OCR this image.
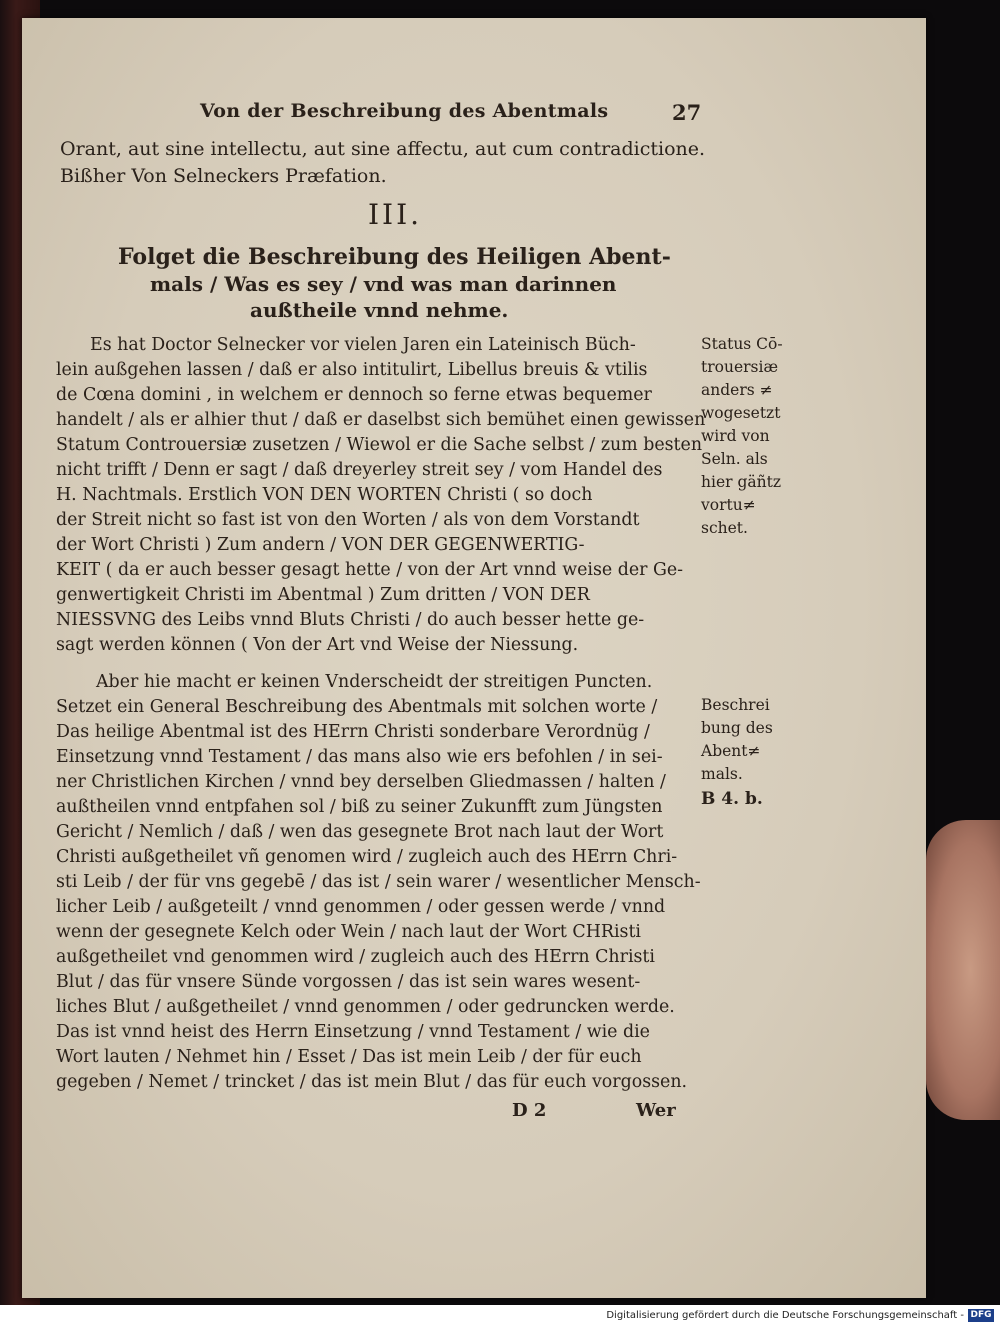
Von der Beschreibung des Abentmals	27
Orant, aut sine intellectu, aut sine affectu, aut cum contradictione.
Bißher Von Selneckers Præfation.
III.
Folget die Beschreibung des Heiligen Abent-
mals / Was es sey / vnd was man darinnen
außtheile vnnd nehme.
Es hat Doctor Selnecker vor vielen Jaren ein Lateinisch Büch-
lein außgehen lassen / daß er also intitulirt, Libellus breuis & vtilis
de Cœna domini , in welchem er dennoch so ferne etwas bequemer
handelt / als er alhier thut / daß er daselbst sich bemühet einen gewissen
Statum Controuersiæ zusetzen / Wiewol er die Sache selbst / zum besten
nicht trifft / Denn er sagt / daß dreyerley streit sey / vom Handel des
H. Nachtmals. Erstlich VON DEN WORTEN Christi ( so doch
der Streit nicht so fast ist von den Worten / als von dem Vorstandt
der Wort Christi ) Zum andern / VON DER GEGENWERTIG-
KEIT ( da er auch besser gesagt hette / von der Art vnnd weise der Ge-
genwertigkeit Christi im Abentmal ) Zum dritten / VON DER
NIESSVNG des Leibs vnnd Bluts Christi / do auch besser hette ge-
sagt werden können ( Von der Art vnd Weise der Niessung.
Aber hie macht er keinen Vnderscheidt der streitigen Puncten.
Setzet ein General Beschreibung des Abentmals mit solchen worte /
Das heilige Abentmal ist des HErrn Christi sonderbare Verordnüg /
Einsetzung vnnd Testament / das mans also wie ers befohlen / in sei-
ner Christlichen Kirchen / vnnd bey derselben Gliedmassen / halten /
außtheilen vnnd entpfahen sol / biß zu seiner Zukunfft zum Jüngsten
Gericht / Nemlich / daß / wen das gesegnete Brot nach laut der Wort
Christi außgetheilet vñ genomen wird / zugleich auch des HErrn Chri-
sti Leib / der für vns gegebē / das ist / sein warer / wesentlicher Mensch-
licher Leib / außgeteilt / vnnd genommen / oder gessen werde / vnnd
wenn der gesegnete Kelch oder Wein / nach laut der Wort CHRisti
außgetheilet vnd genommen wird / zugleich auch des HErrn Christi
Blut / das für vnsere Sünde vorgossen / das ist sein wares wesent-
liches Blut / außgetheilet / vnnd genommen / oder gedruncken werde.
Das ist vnnd heist des Herrn Einsetzung / vnnd Testament / wie die
Wort lauten / Nehmet hin / Esset / Das ist mein Leib / der für euch
gegeben / Nemet / trincket / das ist mein Blut / das für euch vorgossen.
D 2	Wer
Status Cō-
trouersiæ
anders ≠
wogesetzt
wird von
Seln. als
hier gäñtz
vortu≠
schet.
Beschrei
bung des
Abent≠
mals.
B 4. b.
Digitalisierung gefördert durch die Deutsche Forschungsgemeinschaft - DFG
